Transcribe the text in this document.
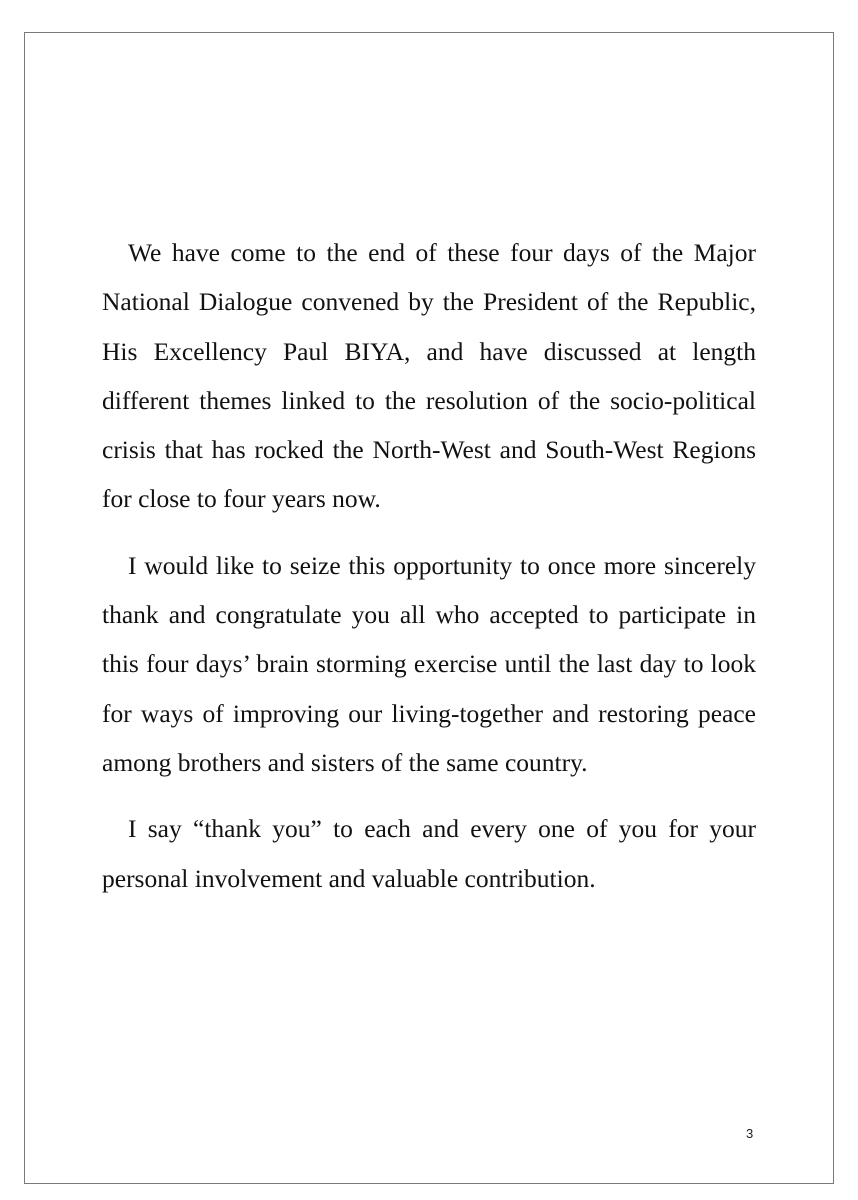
We have come to the end of these four days of the Major National Dialogue convened by the President of the Republic, His Excellency Paul BIYA, and have discussed at length different themes linked to the resolution of the socio-political crisis that has rocked the North-West and South-West Regions for close to four years now.

I would like to seize this opportunity to once more sincerely thank and congratulate you all who accepted to participate in this four days’ brain storming exercise until the last day to look for ways of improving our living-together and restoring peace among brothers and sisters of the same country.

I say “thank you” to each and every one of you for your personal involvement and valuable contribution.

3
